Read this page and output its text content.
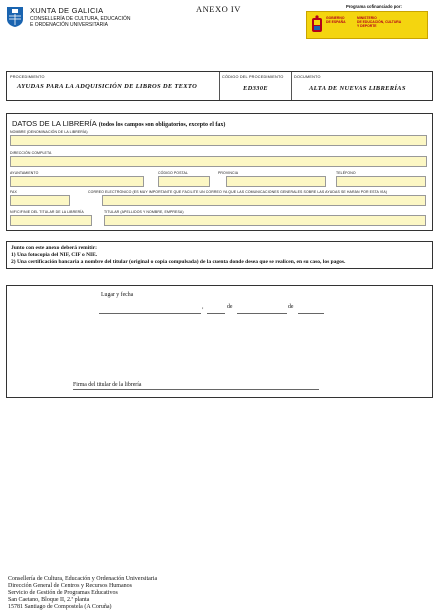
XUNTA DE GALICIA
CONSELLERÍA DE CULTURA, EDUCACIÓN
E ORDENACIÓN UNIVERSITARIA
ANEXO IV	Programa cofinanciado por:
GOBIERNO
DE ESPAÑA
MINISTERIO
DE EDUCACIÓN, CULTURA
Y DEPORTE
PROCEDIMIENTO
AYUDAS PARA LA ADQUISICIÓN DE LIBROS DE TEXTO
CÓDIGO DEL PROCEDIMIENTO
ED330E
DOCUMENTO
ALTA DE NUEVAS LIBRERÍAS
DATOS DE LA LIBRERÍA (todos los campos son obligatorios, excepto el fax)
NOMBRE (DENOMINACIÓN DE LA LIBRERÍA)
DIRECCIÓN COMPLETA
AYUNTAMIENTO	CÓDIGO POSTAL	PROVINCIA	TELÉFONO
FAX	CORREO ELECTRÓNICO (ES MUY IMPORTANTE QUE FACILITE UN CORREO YA QUE LAS COMUNICACIONES GENERALES SOBRE LAS AYUDAS SE HARÁN POR ESTA VÍA)
NIF/CIF/NIE DEL TITULAR DE LA LIBRERÍA	TITULAR (APELLIDOS Y NOMBRE, EMPRESA)
Junto con este anexo deberá remitir:
1) Una fotocopia del NIF, CIF o NIE.
2) Una certificación bancaria a nombre del titular (original o copia compulsada) de la cuenta donde desea que se realicen, en su caso, los pagos.
Lugar y fecha
,	de	de
Firma del titular de la librería
Consellería de Cultura, Educación y Ordenación Universitaria
Dirección General de Centros y Recursos Humanos
Servicio de Gestión de Programas Educativos
San Caetano, Bloque II, 2.ª planta
15781 Santiago de Compostela (A Coruña)
